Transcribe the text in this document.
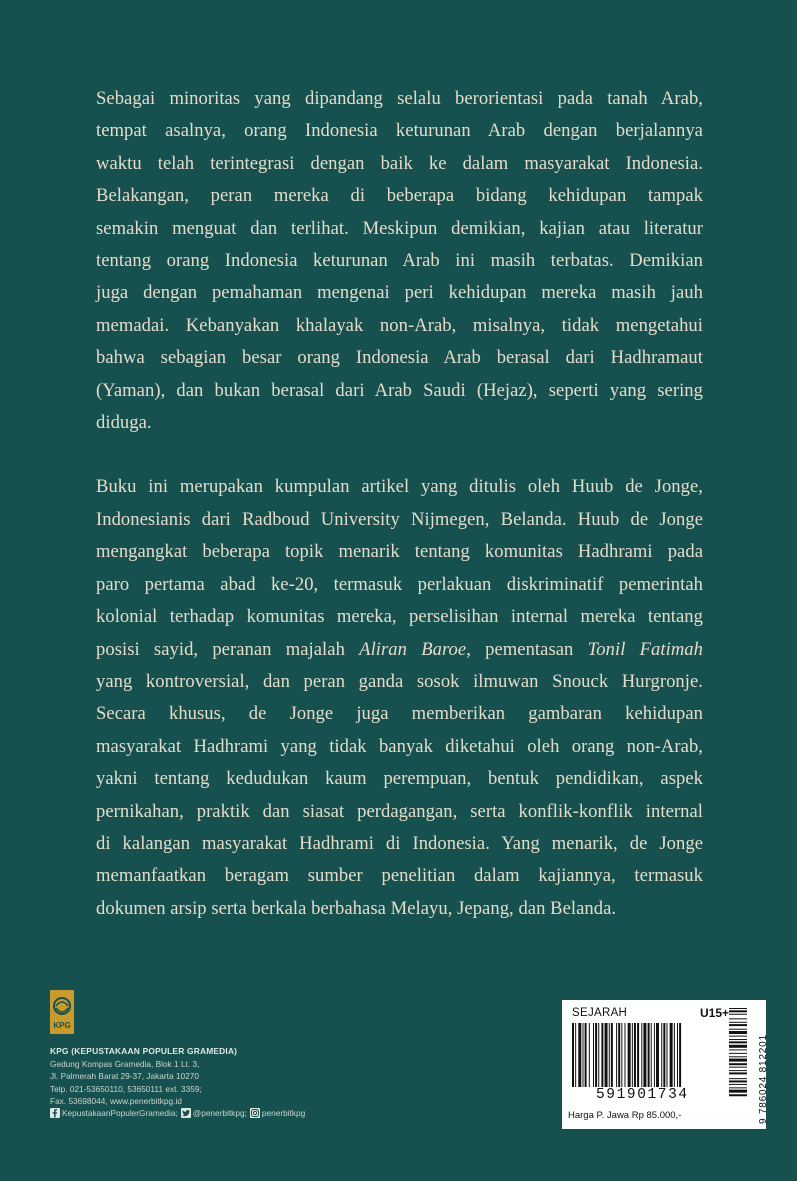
Sebagai minoritas yang dipandang selalu berorientasi pada tanah Arab,
tempat asalnya, orang Indonesia keturunan Arab dengan berjalannya
waktu telah terintegrasi dengan baik ke dalam masyarakat Indonesia.
Belakangan, peran mereka di beberapa bidang kehidupan tampak
semakin menguat dan terlihat. Meskipun demikian, kajian atau literatur
tentang orang Indonesia keturunan Arab ini masih terbatas. Demikian
juga dengan pemahaman mengenai peri kehidupan mereka masih jauh
memadai. Kebanyakan khalayak non-Arab, misalnya, tidak mengetahui
bahwa sebagian besar orang Indonesia Arab berasal dari Hadhramaut
(Yaman), dan bukan berasal dari Arab Saudi (Hejaz), seperti yang sering
diduga.

Buku ini merupakan kumpulan artikel yang ditulis oleh Huub de Jonge,
Indonesianis dari Radboud University Nijmegen, Belanda. Huub de Jonge
mengangkat beberapa topik menarik tentang komunitas Hadhrami pada
paro pertama abad ke-20, termasuk perlakuan diskriminatif pemerintah
kolonial terhadap komunitas mereka, perselisihan internal mereka tentang
posisi sayid, peranan majalah Aliran Baroe, pementasan Tonil Fatimah
yang kontroversial, dan peran ganda sosok ilmuwan Snouck Hurgronje.
Secara khusus, de Jonge juga memberikan gambaran kehidupan
masyarakat Hadhrami yang tidak banyak diketahui oleh orang non-Arab,
yakni tentang kedudukan kaum perempuan, bentuk pendidikan, aspek
pernikahan, praktik dan siasat perdagangan, serta konflik-konflik internal
di kalangan masyarakat Hadhrami di Indonesia. Yang menarik, de Jonge
memanfaatkan beragam sumber penelitian dalam kajiannya, termasuk
dokumen arsip serta berkala berbahasa Melayu, Jepang, dan Belanda.

KPG
KPG (KEPUSTAKAAN POPULER GRAMEDIA)
Gedung Kompas Gramedia, Blok 1 Lt. 3,
Jl. Palmerah Barat 29-37, Jakarta 10270
Telp. 021-53650110, 53650111 ext. 3359;
Fax. 53698044, www.penerbitkpg.id
KepustakaanPopulerGramedia; @penerbitkpg; penerbitkpg
SEJARAH	U15+
591901734
Harga P. Jawa Rp 85.000,-	9 786024 812201
